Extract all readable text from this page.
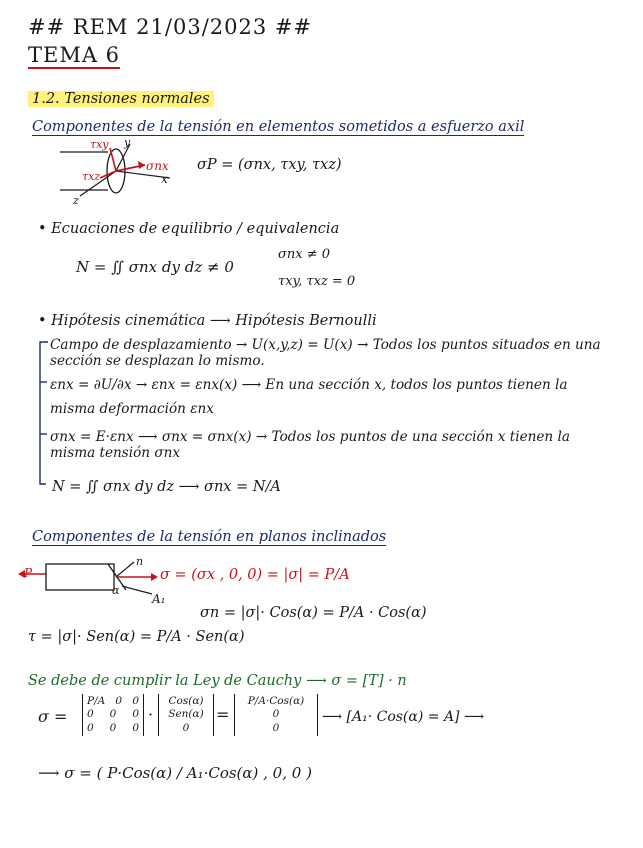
## REM 21/03/2023 ##
TEMA 6
1.2. Tensiones normales
Componentes de la tensión en elementos sometidos a esfuerzo axil
τxy y
σnx
τxz	x
z
σP = (σnx, τxy, τxz)
• Ecuaciones de equilibrio / equivalencia
N = ∬ σnx dy dz ≠ 0
σnx ≠ 0
τxy, τxz = 0
• Hipótesis cinemática ⟶ Hipótesis Bernoulli
Campo de desplazamiento → U(x,y,z) = U(x) → Todos los puntos situados en una
sección se desplazan lo mismo.
εnx = ∂U/∂x → εnx = εnx(x) ⟶ En una sección x, todos los puntos tienen la
misma deformación εnx
σnx = E·εnx ⟶ σnx = σnx(x) → Todos los puntos de una sección x tienen la
misma tensión σnx
N = ∬ σnx dy dz ⟶ σnx = N/A
Componentes de la tensión en planos inclinados
P
n
α
A₁
σ = (σx , 0, 0) = |σ| = P/A
σn = |σ|· Cos(α) = P/A · Cos(α)
τ = |σ|· Sen(α) = P/A · Sen(α)
Se debe de cumplir la Ley de Cauchy ⟶ σ = [T] · n
σ =
P/A 0 0
0 0 0
0 0 0
·
Cos(α)
Sen(α)
0
=
P/A·Cos(α)
0
0
⟶ [A₁· Cos(α) = A] ⟶
⟶ σ = ( P·Cos(α) / A₁·Cos(α) , 0, 0 )
